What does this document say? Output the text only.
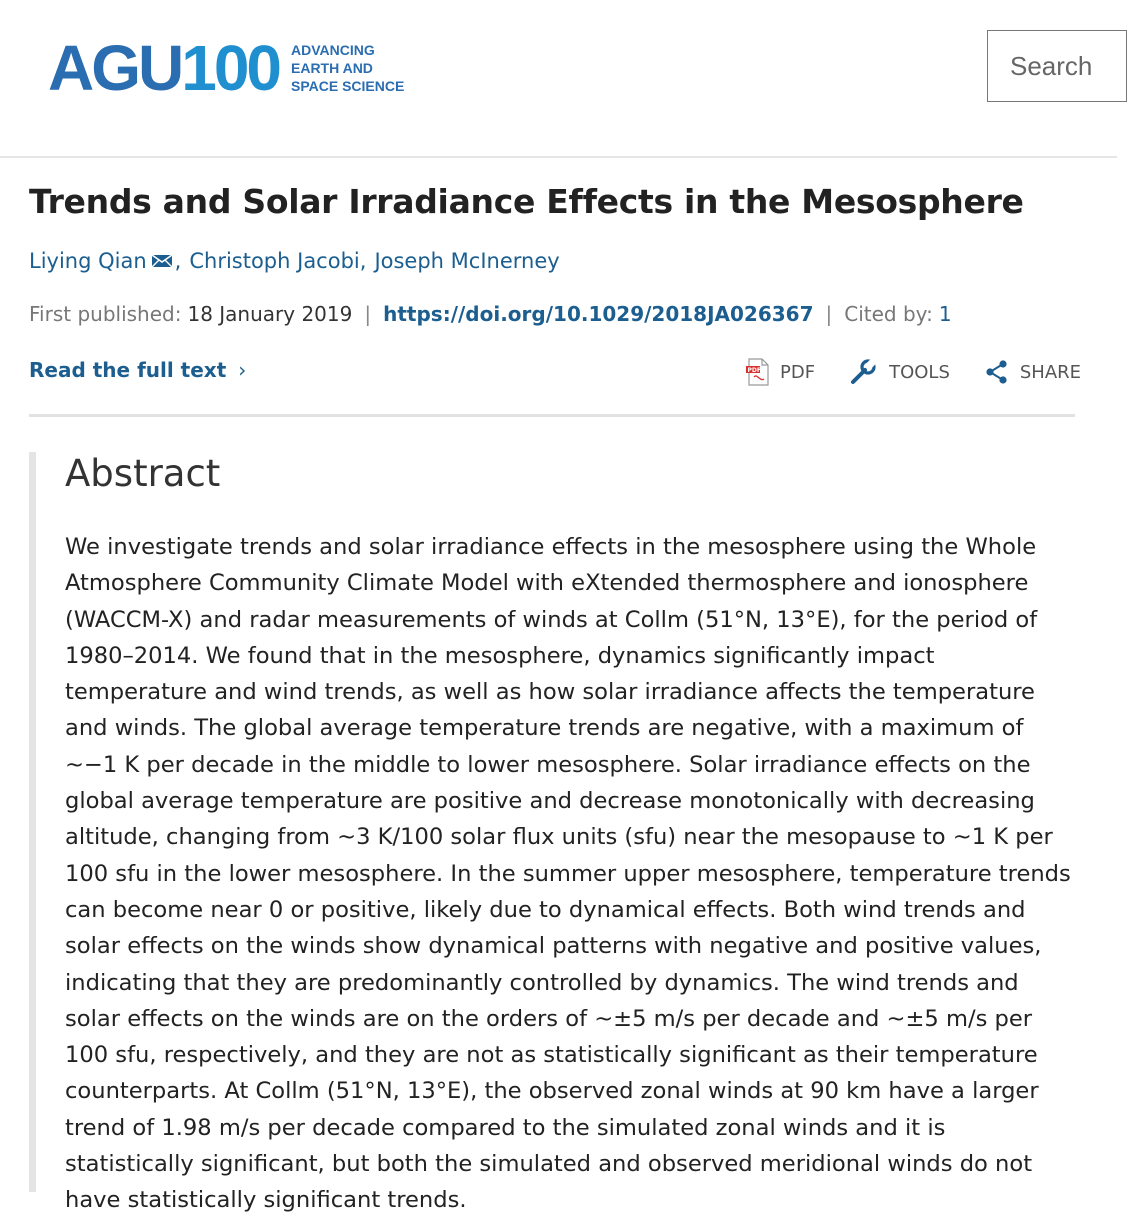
AGU100 ADVANCING
EARTH AND
SPACE SCIENCE
Search
Trends and Solar Irradiance Effects in the Mesosphere
Liying Qian , Christoph Jacobi , Joseph McInerney
First published: 18 January 2019 | https://doi.org/10.1029/2018JA026367 | Cited by: 1
Read the full text ›	PDF PDF	TOOLS	SHARE
Abstract

We investigate trends and solar irradiance effects in the mesosphere using the Whole Atmosphere Community Climate Model with eXtended thermosphere and ionosphere (WACCM-X) and radar measurements of winds at Collm (51°N, 13°E), for the period of 1980–2014. We found that in the mesosphere, dynamics significantly impact temperature and wind trends, as well as how solar irradiance affects the temperature and winds. The global average temperature trends are negative, with a maximum of ~−1 K per decade in the middle to lower mesosphere. Solar irradiance effects on the global average temperature are positive and decrease monotonically with decreasing altitude, changing from ~3 K/100 solar flux units (sfu) near the mesopause to ~1 K per 100 sfu in the lower mesosphere. In the summer upper mesosphere, temperature trends can become near 0 or positive, likely due to dynamical effects. Both wind trends and solar effects on the winds show dynamical patterns with negative and positive values, indicating that they are predominantly controlled by dynamics. The wind trends and solar effects on the winds are on the orders of ~±5 m/s per decade and ~±5 m/s per 100 sfu, respectively, and they are not as statistically significant as their temperature counterparts. At Collm (51°N, 13°E), the observed zonal winds at 90 km have a larger trend of 1.98 m/s per decade compared to the simulated zonal winds and it is statistically significant, but both the simulated and observed meridional winds do not have statistically significant trends.
